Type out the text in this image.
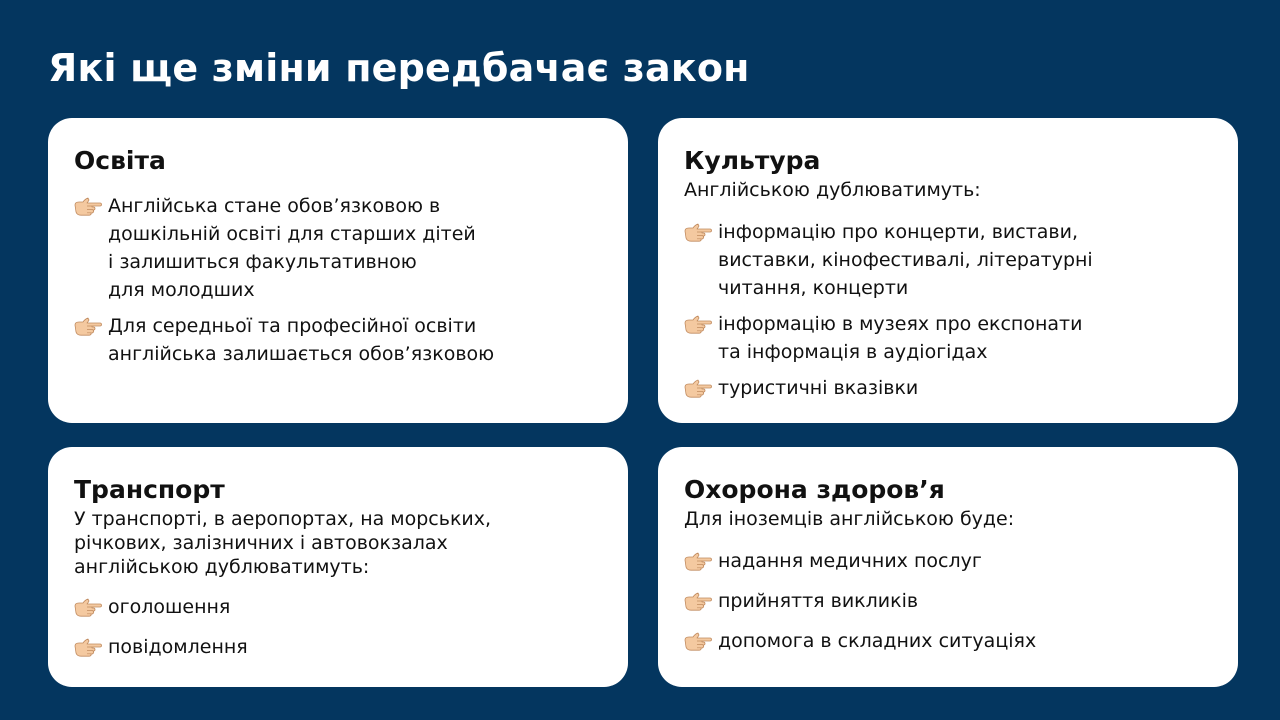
Які ще зміни передбачає закон
Освіта
Англійська стане обов’язковою в
дошкільній освіті для старших дітей
і залишиться факультативною
для молодших
Для середньої та професійної освіти
англійська залишається обов’язковою
Культура

Англійською дублюватимуть:

інформацію про концерти, вистави,
виставки, кінофестивалі, літературні
читання, концерти
інформацію в музеях про експонати
та інформація в аудіогідах
туристичні вказівки
Транспорт

У транспорті, в аеропортах, на морських,
річкових, залізничних і автовокзалах
англійською дублюватимуть:

оголошення
повідомлення
Охорона здоров’я

Для іноземців англійською буде:

надання медичних послуг
прийняття викликів
допомога в складних ситуаціях
